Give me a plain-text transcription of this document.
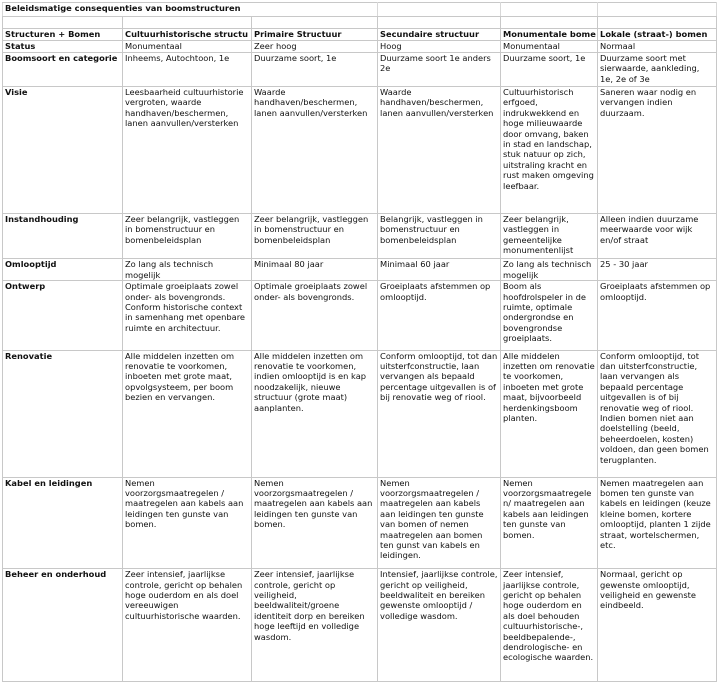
Beleidsmatige consequenties van boomstructuren					

Structuren + Bomen	Cultuurhistorische structu	Primaire Structuur	Secundaire structuur	Monumentale bome	Lokale (straat-) bomen
Status	Monumentaal	Zeer hoog	Hoog	Monumentaal	Normaal
Boomsoort en categorie	Inheems, Autochtoon, 1e	Duurzame soort, 1e	Duurzame soort 1e anders 2e	Duurzame soort, 1e	Duurzame soort met sierwaarde, aankleding, 1e, 2e of 3e
Visie	Leesbaarheid cultuurhistorie vergroten, waarde handhaven/beschermen, lanen aanvullen/versterken	Waarde handhaven/beschermen, lanen aanvullen/versterken	Waarde handhaven/beschermen, lanen aanvullen/versterken	Cultuurhistorisch erfgoed, indrukwekkend en hoge milieuwaarde door omvang, baken in stad en landschap, stuk natuur op zich, uitstraling kracht en rust maken omgeving leefbaar.	Saneren waar nodig en vervangen indien duurzaam.
Instandhouding	Zeer belangrijk, vastleggen in bomenstructuur en bomenbeleidsplan	Zeer belangrijk, vastleggen in bomenstructuur en bomenbeleidsplan	Belangrijk, vastleggen in bomenstructuur en bomenbeleidsplan	Zeer belangrijk, vastleggen in gemeentelijke monumentenlijst	Alleen indien duurzame meerwaarde voor wijk en/of straat
Omlooptijd	Zo lang als technisch mogelijk	Minimaal 80 jaar	Minimaal 60 jaar	Zo lang als technisch mogelijk	25 - 30 jaar
Ontwerp	Optimale groeiplaats zowel onder- als bovengronds. Conform historische context in samenhang met openbare ruimte en architectuur.	Optimale groeiplaats zowel onder- als bovengronds.	Groeiplaats afstemmen op omlooptijd.	Boom als hoofdrolspeler in de ruimte, optimale ondergrondse en bovengrondse groeiplaats.	Groeiplaats afstemmen op omlooptijd.
Renovatie	Alle middelen inzetten om renovatie te voorkomen, inboeten met grote maat, opvolgsysteem, per boom bezien en vervangen.	Alle middelen inzetten om renovatie te voorkomen, indien omlooptijd is en kap noodzakelijk, nieuwe structuur (grote maat) aanplanten.	Conform omlooptijd, tot dan uitsterfconstructie, laan vervangen als bepaald percentage uitgevallen is of bij renovatie weg of riool.	Alle middelen inzetten om renovatie te voorkomen, inboeten met grote maat, bijvoorbeeld herdenkingsboom planten.	Conform omlooptijd, tot dan uitsterfconstructie, laan vervangen als bepaald percentage uitgevallen is of bij renovatie weg of riool. Indien bomen niet aan doelstelling (beeld, beheerdoelen, kosten) voldoen, dan geen bomen terugplanten.
Kabel en leidingen	Nemen voorzorgsmaatregelen / maatregelen aan kabels aan leidingen ten gunste van bomen.	Nemen voorzorgsmaatregelen / maatregelen aan kabels aan leidingen ten gunste van bomen.	Nemen voorzorgsmaatregelen / maatregelen aan kabels aan leidingen ten gunste van bomen of nemen maatregelen aan bomen ten gunst van kabels en leidingen.	Nemen voorzorgsmaatregele n/ maatregelen aan kabels aan leidingen ten gunste van bomen.	Nemen maatregelen aan bomen ten gunste van kabels en leidingen (keuze kleine bomen, kortere omlooptijd, planten 1 zijde straat, wortelschermen, etc.
Beheer en onderhoud	Zeer intensief, jaarlijkse controle, gericht op behalen hoge ouderdom en als doel vereeuwigen cultuurhistorische waarden.	Zeer intensief, jaarlijkse controle, gericht op veiligheid, beeldwaliteit/groene identiteit dorp en bereiken hoge leeftijd en volledige wasdom.	Intensief, jaarlijkse controle, gericht op veiligheid, beeldwaliteit en bereiken gewenste omlooptijd / volledige wasdom.	Zeer intensief, jaarlijkse controle, gericht op behalen hoge ouderdom en als doel behouden cultuurhistorische-, beeldbepalende-, dendrologische- en ecologische waarden.	Normaal, gericht op gewenste omlooptijd, veiligheid en gewenste eindbeeld.
